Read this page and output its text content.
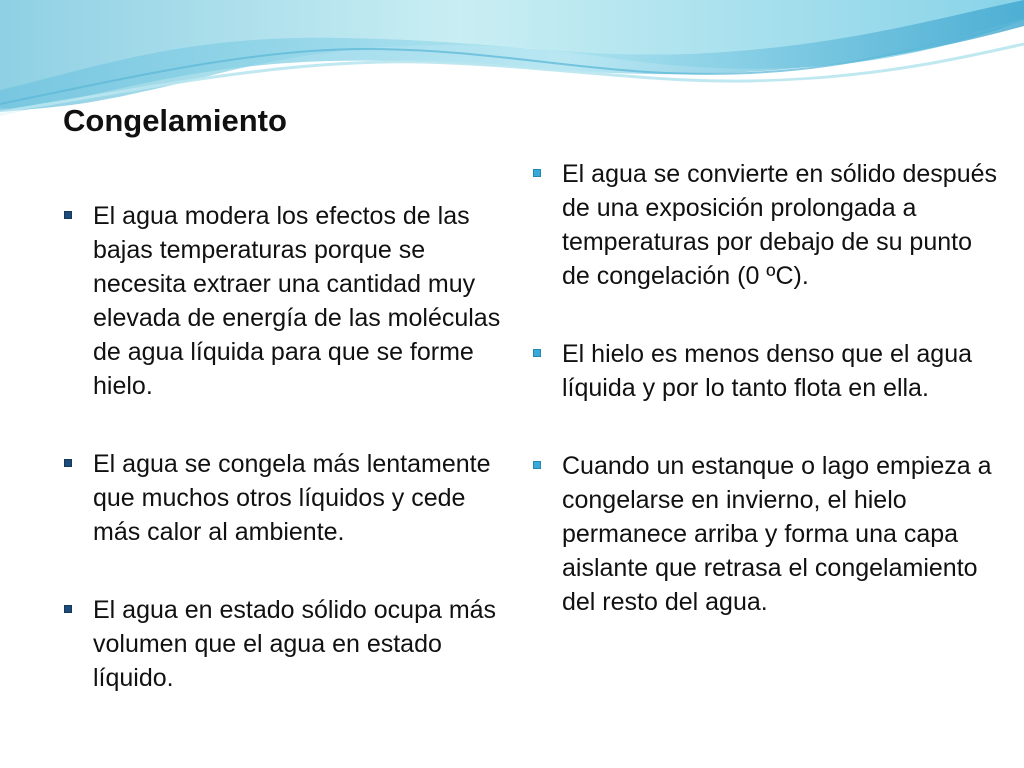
Congelamiento
El agua modera los efectos de las bajas temperaturas porque se necesita extraer una cantidad muy elevada de energía de las moléculas de agua líquida para que se forme hielo.
El agua se congela más lentamente que muchos otros líquidos y cede más calor al ambiente.
El agua en estado sólido ocupa más volumen que el agua en estado líquido.
El agua se convierte en sólido después de una exposición prolongada a temperaturas por debajo de su punto de congelación (0 ºC).
El hielo es menos denso que el agua líquida y por lo tanto flota en ella.
Cuando un estanque o lago empieza a congelarse en invierno, el hielo permanece arriba y forma una capa aislante que retrasa el congelamiento del resto del agua.
